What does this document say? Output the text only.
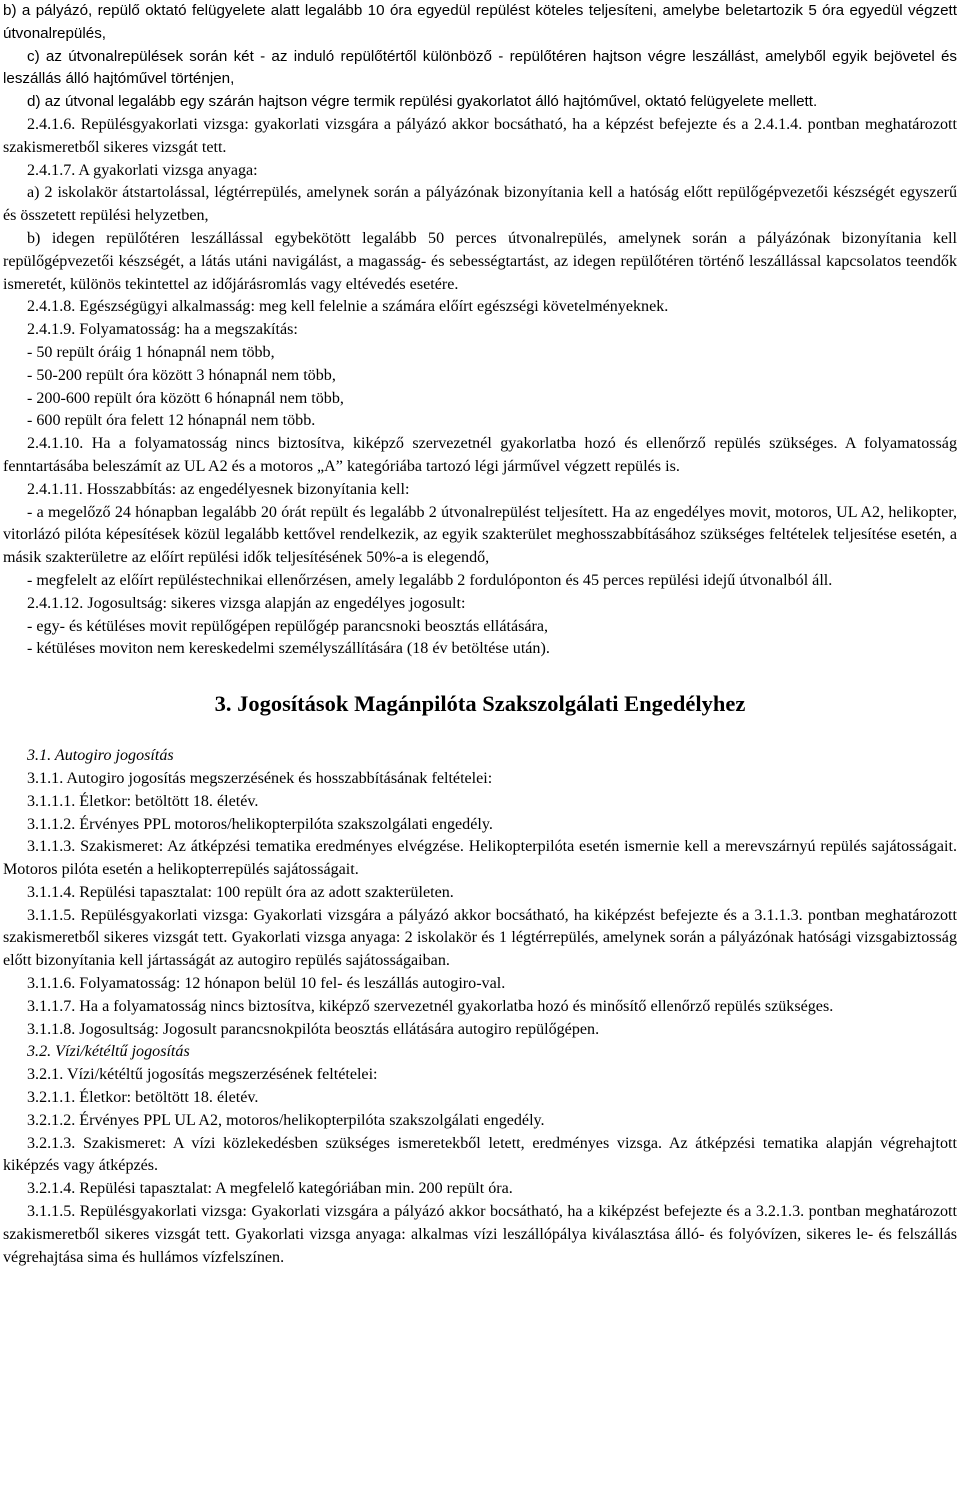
b) a pályázó, repülő oktató felügyelete alatt legalább 10 óra egyedül repülést köteles teljesíteni, amelybe beletartozik 5 óra egyedül végzett útvonalrepülés,

c) az útvonalrepülések során két - az induló repülőtértől különböző - repülőtéren hajtson végre leszállást, amelyből egyik bejövetel és leszállás álló hajtóművel történjen,

d) az útvonal legalább egy szárán hajtson végre termik repülési gyakorlatot álló hajtóművel, oktató felügyelete mellett.

2.4.1.6. Repülésgyakorlati vizsga: gyakorlati vizsgára a pályázó akkor bocsátható, ha a képzést befejezte és a 2.4.1.4. pontban meghatározott szakismeretből sikeres vizsgát tett.

2.4.1.7. A gyakorlati vizsga anyaga:

a) 2 iskolakör átstartolással, légtérrepülés, amelynek során a pályázónak bizonyítania kell a hatóság előtt repülőgépvezetői készségét egyszerű és összetett repülési helyzetben,

b) idegen repülőtéren leszállással egybekötött legalább 50 perces útvonalrepülés, amelynek során a pályázónak bizonyítania kell repülőgépvezetői készségét, a látás utáni navigálást, a magasság- és sebességtartást, az idegen repülőtéren történő leszállással kapcsolatos teendők ismeretét, különös tekintettel az időjárásromlás vagy eltévedés esetére.

2.4.1.8. Egészségügyi alkalmasság: meg kell felelnie a számára előírt egészségi követelményeknek.

2.4.1.9. Folyamatosság: ha a megszakítás:

- 50 repült óráig 1 hónapnál nem több,

- 50-200 repült óra között 3 hónapnál nem több,

- 200-600 repült óra között 6 hónapnál nem több,

- 600 repült óra felett 12 hónapnál nem több.

2.4.1.10. Ha a folyamatosság nincs biztosítva, kiképző szervezetnél gyakorlatba hozó és ellenőrző repülés szükséges. A folyamatosság fenntartásába beleszámít az UL A2 és a motoros „A” kategóriába tartozó légi járművel végzett repülés is.

2.4.1.11. Hosszabbítás: az engedélyesnek bizonyítania kell:

- a megelőző 24 hónapban legalább 20 órát repült és legalább 2 útvonalrepülést teljesített. Ha az engedélyes movit, motoros, UL A2, helikopter, vitorlázó pilóta képesítések közül legalább kettővel rendelkezik, az egyik szakterület meghosszabbításához szükséges feltételek teljesítése esetén, a másik szakterületre az előírt repülési idők teljesítésének 50%-a is elegendő,

- megfelelt az előírt repüléstechnikai ellenőrzésen, amely legalább 2 fordulóponton és 45 perces repülési idejű útvonalból áll.

2.4.1.12. Jogosultság: sikeres vizsga alapján az engedélyes jogosult:

- egy- és kétüléses movit repülőgépen repülőgép parancsnoki beosztás ellátására,

- kétüléses moviton nem kereskedelmi személyszállítására (18 év betöltése után).

3. Jogosítások Magánpilóta Szakszolgálati Engedélyhez

3.1. Autogiro jogosítás

3.1.1. Autogiro jogosítás megszerzésének és hosszabbításának feltételei:

3.1.1.1. Életkor: betöltött 18. életév.

3.1.1.2. Érvényes PPL motoros/helikopterpilóta szakszolgálati engedély.

3.1.1.3. Szakismeret: Az átképzési tematika eredményes elvégzése. Helikopterpilóta esetén ismernie kell a merevszárnyú repülés sajátosságait. Motoros pilóta esetén a helikopterrepülés sajátosságait.

3.1.1.4. Repülési tapasztalat: 100 repült óra az adott szakterületen.

3.1.1.5. Repülésgyakorlati vizsga: Gyakorlati vizsgára a pályázó akkor bocsátható, ha kiképzést befejezte és a 3.1.1.3. pontban meghatározott szakismeretből sikeres vizsgát tett. Gyakorlati vizsga anyaga: 2 iskolakör és 1 légtérrepülés, amelynek során a pályázónak hatósági vizsgabiztosság előtt bizonyítania kell jártasságát az autogiro repülés sajátosságaiban.

3.1.1.6. Folyamatosság: 12 hónapon belül 10 fel- és leszállás autogiro-val.

3.1.1.7. Ha a folyamatosság nincs biztosítva, kiképző szervezetnél gyakorlatba hozó és minősítő ellenőrző repülés szükséges.

3.1.1.8. Jogosultság: Jogosult parancsnokpilóta beosztás ellátására autogiro repülőgépen.

3.2. Vízi/kétéltű jogosítás

3.2.1. Vízi/kétéltű jogosítás megszerzésének feltételei:

3.2.1.1. Életkor: betöltött 18. életév.

3.2.1.2. Érvényes PPL UL A2, motoros/helikopterpilóta szakszolgálati engedély.

3.2.1.3. Szakismeret: A vízi közlekedésben szükséges ismeretekből letett, eredményes vizsga. Az átképzési tematika alapján végrehajtott kiképzés vagy átképzés.

3.2.1.4. Repülési tapasztalat: A megfelelő kategóriában min. 200 repült óra.

3.1.1.5. Repülésgyakorlati vizsga: Gyakorlati vizsgára a pályázó akkor bocsátható, ha a kiképzést befejezte és a 3.2.1.3. pontban meghatározott szakismeretből sikeres vizsgát tett. Gyakorlati vizsga anyaga: alkalmas vízi leszállópálya kiválasztása álló- és folyóvízen, sikeres le- és felszállás végrehajtása sima és hullámos vízfelszínen.
